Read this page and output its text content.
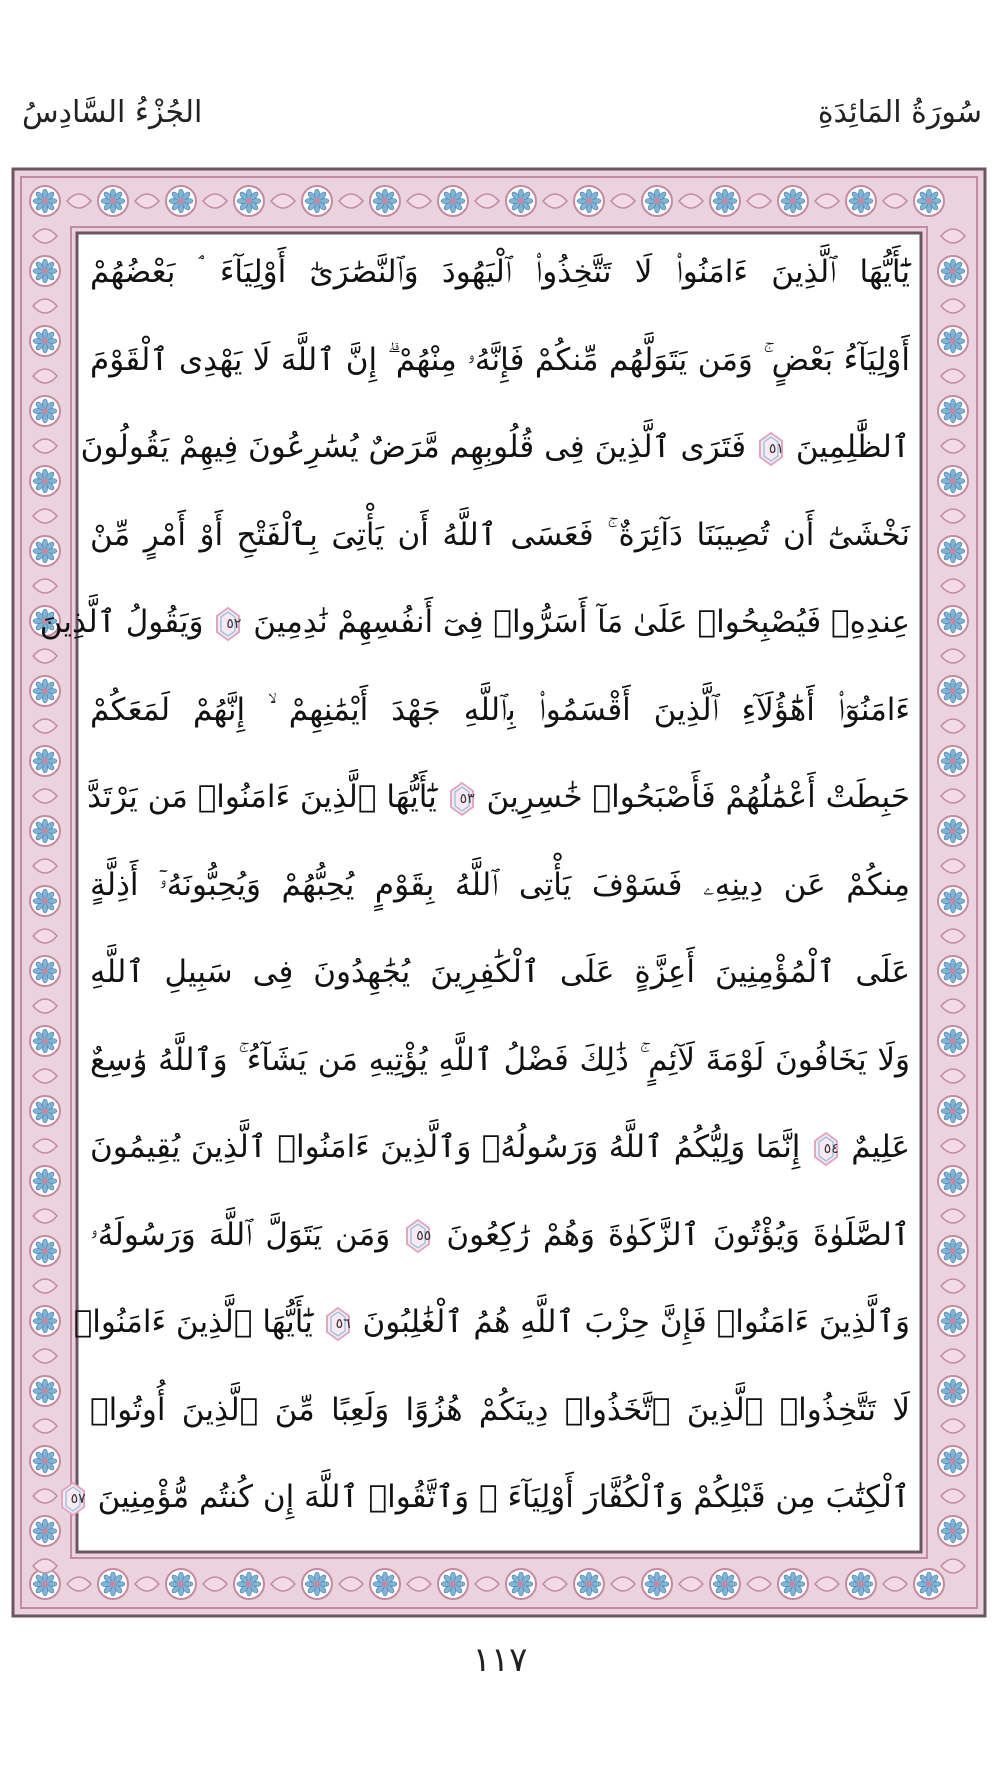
سُورَةُ المَائِدَةِ
الجُزْءُ السَّادِسُ
يَٰٓأَيُّهَا ٱلَّذِينَ ءَامَنُوا۟ لَا تَتَّخِذُوا۟ ٱلْيَهُودَ وَٱلنَّصَٰرَىٰٓ أَوْلِيَآءَ ۘ بَعْضُهُمْ
أَوْلِيَآءُ بَعْضٍ ۚ وَمَن يَتَوَلَّهُم مِّنكُمْ فَإِنَّهُۥ مِنْهُمْ ۗ إِنَّ ٱللَّهَ لَا يَهْدِى ٱلْقَوْمَ
ٱلظَّٰلِمِينَ
٥١
فَتَرَى ٱلَّذِينَ فِى قُلُوبِهِم مَّرَضٌ يُسَٰرِعُونَ فِيهِمْ يَقُولُونَ
نَخْشَىٰٓ أَن تُصِيبَنَا دَآئِرَةٌ ۚ فَعَسَى ٱللَّهُ أَن يَأْتِىَ بِٱلْفَتْحِ أَوْ أَمْرٍ مِّنْ
عِندِهِۦ فَيُصْبِحُوا۟ عَلَىٰ مَآ أَسَرُّوا۟ فِىٓ أَنفُسِهِمْ نَٰدِمِينَ
٥٢
وَيَقُولُ ٱلَّذِينَ
ءَامَنُوٓا۟ أَهَٰٓؤُلَآءِ ٱلَّذِينَ أَقْسَمُوا۟ بِٱللَّهِ جَهْدَ أَيْمَٰنِهِمْ ۙ إِنَّهُمْ لَمَعَكُمْ
حَبِطَتْ أَعْمَٰلُهُمْ فَأَصْبَحُوا۟ خَٰسِرِينَ
٥٣
يَٰٓأَيُّهَا ٱلَّذِينَ ءَامَنُوا۟ مَن يَرْتَدَّ
مِنكُمْ عَن دِينِهِۦ فَسَوْفَ يَأْتِى ٱللَّهُ بِقَوْمٍ يُحِبُّهُمْ وَيُحِبُّونَهُۥٓ أَذِلَّةٍ
عَلَى ٱلْمُؤْمِنِينَ أَعِزَّةٍ عَلَى ٱلْكَٰفِرِينَ يُجَٰهِدُونَ فِى سَبِيلِ ٱللَّهِ
وَلَا يَخَافُونَ لَوْمَةَ لَآئِمٍ ۚ ذَٰلِكَ فَضْلُ ٱللَّهِ يُؤْتِيهِ مَن يَشَآءُ ۚ وَٱللَّهُ وَٰسِعٌ
عَلِيمٌ
٥٤
إِنَّمَا وَلِيُّكُمُ ٱللَّهُ وَرَسُولُهُۥ وَٱلَّذِينَ ءَامَنُوا۟ ٱلَّذِينَ يُقِيمُونَ
ٱلصَّلَوٰةَ وَيُؤْتُونَ ٱلزَّكَوٰةَ وَهُمْ رَٰكِعُونَ
٥٥
وَمَن يَتَوَلَّ ٱللَّهَ وَرَسُولَهُۥ
وَٱلَّذِينَ ءَامَنُوا۟ فَإِنَّ حِزْبَ ٱللَّهِ هُمُ ٱلْغَٰلِبُونَ
٥٦
يَٰٓأَيُّهَا ٱلَّذِينَ ءَامَنُوا۟
لَا تَتَّخِذُوا۟ ٱلَّذِينَ ٱتَّخَذُوا۟ دِينَكُمْ هُزُوًا وَلَعِبًا مِّنَ ٱلَّذِينَ أُوتُوا۟
ٱلْكِتَٰبَ مِن قَبْلِكُمْ وَٱلْكُفَّارَ أَوْلِيَآءَ ۚ وَٱتَّقُوا۟ ٱللَّهَ إِن كُنتُم مُّؤْمِنِينَ
٥٧
١١٧
